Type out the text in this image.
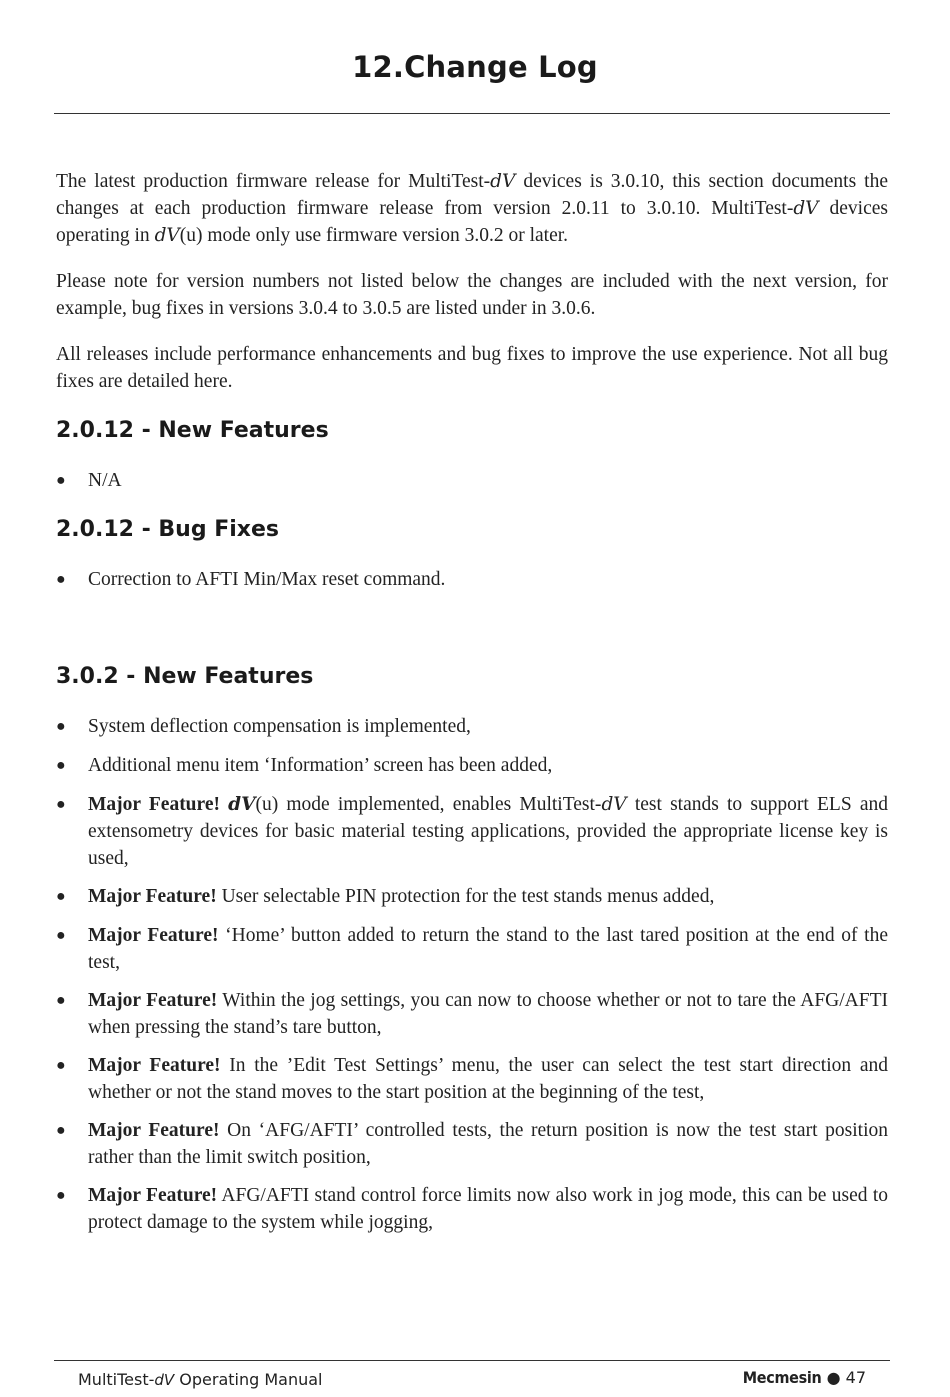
12.Change Log

The latest production firmware release for MultiTest-dV devices is 3.0.10, this section documents the changes at each production firmware release from version 2.0.11 to 3.0.10. MultiTest-dV devices operating in dV(u) mode only use firmware version 3.0.2 or later.

Please note for version numbers not listed below the changes are included with the next version, for example, bug fixes in versions 3.0.4 to 3.0.5 are listed under in 3.0.6.

All releases include performance enhancements and bug fixes to improve the use experience. Not all bug fixes are detailed here.

2.0.12 - New Features
● N/A
2.0.12 - Bug Fixes
● Correction to AFTI Min/Max reset command.
3.0.2 - New Features
● System deflection compensation is implemented,
● Additional menu item ‘Information’ screen has been added,
● Major Feature! dV(u) mode implemented, enables MultiTest-dV test stands to support ELS and extensometry devices for basic material testing applications, provided the appropriate license key is used,
● Major Feature! User selectable PIN protection for the test stands menus added,
● Major Feature! ‘Home’ button added to return the stand to the last tared position at the end of the test,
● Major Feature! Within the jog settings, you can now to choose whether or not to tare the AFG/AFTI when pressing the stand’s tare button,
● Major Feature! In the ’Edit Test Settings’ menu, the user can select the test start direction and whether or not the stand moves to the start position at the beginning of the test,
● Major Feature! On ‘AFG/AFTI’ controlled tests, the return position is now the test start position rather than the limit switch position,
● Major Feature! AFG/AFTI stand control force limits now also work in jog mode, this can be used to protect damage to the system while jogging,
MultiTest-dV Operating Manual	Mecmesin ● 47
